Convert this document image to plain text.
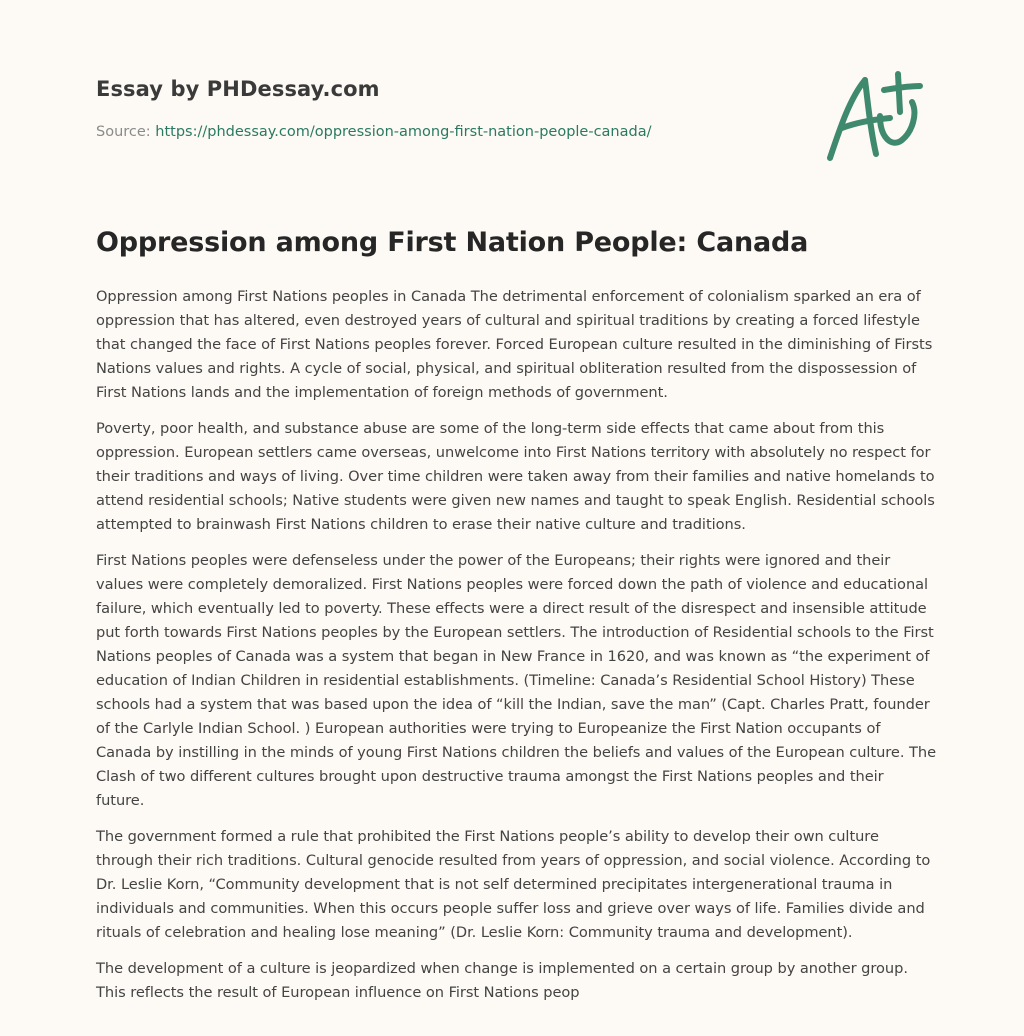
Essay by PHDessay.com
Source: https://phdessay.com/oppression-among-first-nation-people-canada/
Oppression among First Nation People: Canada

Oppression among First Nations peoples in Canada The detrimental enforcement of colonialism sparked an era of oppression that has altered, even destroyed years of cultural and spiritual traditions by creating a forced lifestyle that changed the face of First Nations peoples forever. Forced European culture resulted in the diminishing of Firsts Nations values and rights. A cycle of social, physical, and spiritual obliteration resulted from the dispossession of First Nations lands and the implementation of foreign methods of government.

Poverty, poor health, and substance abuse are some of the long-term side effects that came about from this oppression. European settlers came overseas, unwelcome into First Nations territory with absolutely no respect for their traditions and ways of living. Over time children were taken away from their families and native homelands to attend residential schools; Native students were given new names and taught to speak English. Residential schools attempted to brainwash First Nations children to erase their native culture and traditions.

First Nations peoples were defenseless under the power of the Europeans; their rights were ignored and their values were completely demoralized. First Nations peoples were forced down the path of violence and educational failure, which eventually led to poverty. These effects were a direct result of the disrespect and insensible attitude put forth towards First Nations peoples by the European settlers. The introduction of Residential schools to the First Nations peoples of Canada was a system that began in New France in 1620, and was known as “the experiment of education of Indian Children in residential establishments. (Timeline: Canada’s Residential School History) These schools had a system that was based upon the idea of “kill the Indian, save the man” (Capt. Charles Pratt, founder of the Carlyle Indian School. ) European authorities were trying to Europeanize the First Nation occupants of Canada by instilling in the minds of young First Nations children the beliefs and values of the European culture. The Clash of two different cultures brought upon destructive trauma amongst the First Nations peoples and their future.

The government formed a rule that prohibited the First Nations people’s ability to develop their own culture through their rich traditions. Cultural genocide resulted from years of oppression, and social violence. According to Dr. Leslie Korn, “Community development that is not self determined precipitates intergenerational trauma in individuals and communities. When this occurs people suffer loss and grieve over ways of life. Families divide and rituals of celebration and healing lose meaning” (Dr. Leslie Korn: Community trauma and development).

The development of a culture is jeopardized when change is implemented on a certain group by another group. This reflects the result of European influence on First Nations peop
